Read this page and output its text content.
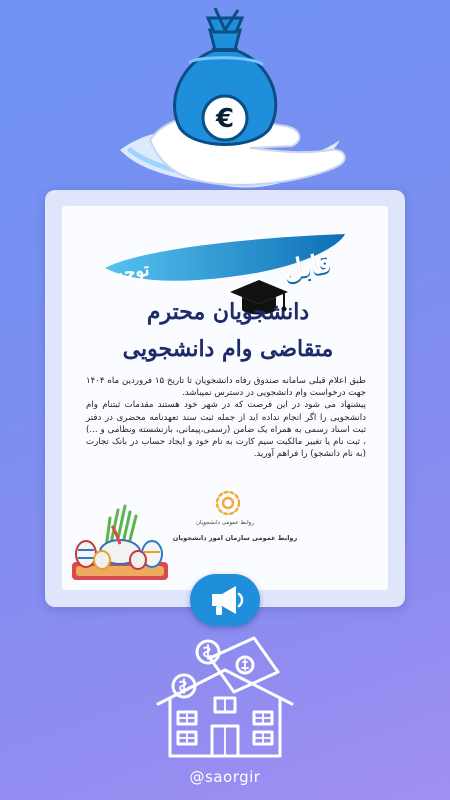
€
قابل
توجه
دانشجویان محترم
متقاضی وام دانشجویی

طبق اعلام قبلی سامانه صندوق رفاه دانشجویان تا تاریخ ۱۵ فروردین ماه ۱۴۰۴ جهت درخواست وام دانشجویی در دسترس نمیباشد.

پیشنهاد می شود در این فرصت که در شهر خود هستند مقدمات ثبتنام وام دانشجویی را اگر انجام نداده اید از جمله ثبت سند تعهدنامه محضری در دفتر ثبت اسناد رسمی به همراه یک ضامن (رسمی،پیمانی، بازنشسته ونظامی و ...) ، ثبت نام یا تغییر مالکیت سیم کارت به نام خود و ایجاد حساب در بانک تجارت (به نام دانشجو) را فراهم آورید.

روابط عمومی دانشجویان
روابط عمومی سازمان امور دانشجویان
@saorgir
